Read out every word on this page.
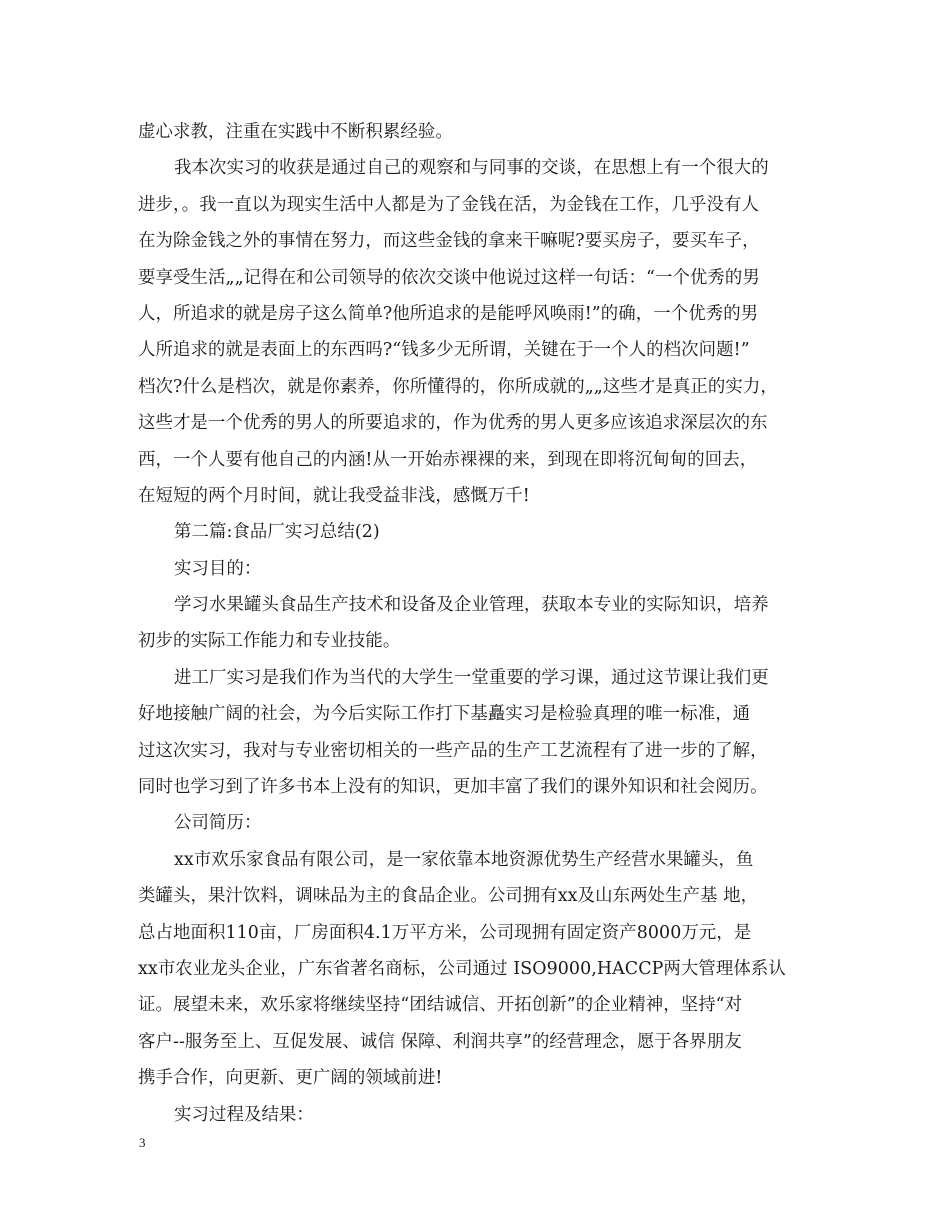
虚心求教，注重在实践中不断积累经验。
我本次实习的收获是通过自己的观察和与同事的交谈，在思想上有一个很大的
进步，。我一直以为现实生活中人都是为了金钱在活，为金钱在工作，几乎没有人
在为除金钱之外的事情在努力，而这些金钱的拿来干嘛呢?要买房子，要买车子，
要享受生活„„记得在和公司领导的依次交谈中他说过这样一句话：“一个优秀的男
人，所追求的就是房子这么简单?他所追求的是能呼风唤雨!”的确，一个优秀的男
人所追求的就是表面上的东西吗?“钱多少无所谓，关键在于一个人的档次问题!”
档次?什么是档次，就是你素养，你所懂得的，你所成就的„„这些才是真正的实力，
这些才是一个优秀的男人的所要追求的，作为优秀的男人更多应该追求深层次的东
西，一个人要有他自己的内涵!从一开始赤裸裸的来，到现在即将沉甸甸的回去，
在短短的两个月时间，就让我受益非浅，感慨万千!
第二篇:食品厂实习总结(2)
实习目的：
学习水果罐头食品生产技术和设备及企业管理，获取本专业的实际知识，培养
初步的实际工作能力和专业技能。
进工厂实习是我们作为当代的大学生一堂重要的学习课，通过这节课让我们更
好地接触广阔的社会，为今后实际工作打下基矗实习是检验真理的唯一标准，通
过这次实习，我对与专业密切相关的一些产品的生产工艺流程有了进一步的了解，
同时也学习到了许多书本上没有的知识，更加丰富了我们的课外知识和社会阅历。
公司简历：
xx市欢乐家食品有限公司，是一家依靠本地资源优势生产经营水果罐头，鱼
类罐头，果汁饮料，调味品为主的食品企业。公司拥有xx及山东两处生产基 地，
总占地面积110亩，厂房面积4.1万平方米，公司现拥有固定资产8000万元，是
xx市农业龙头企业，广东省著名商标，公司通过 ISO9000,HACCP两大管理体系认
证。展望未来，欢乐家将继续坚持“团结诚信、开拓创新”的企业精神，坚持“对
客户--服务至上、互促发展、诚信 保障、利润共享”的经营理念，愿于各界朋友
携手合作，向更新、更广阔的领域前进!
实习过程及结果：
3
